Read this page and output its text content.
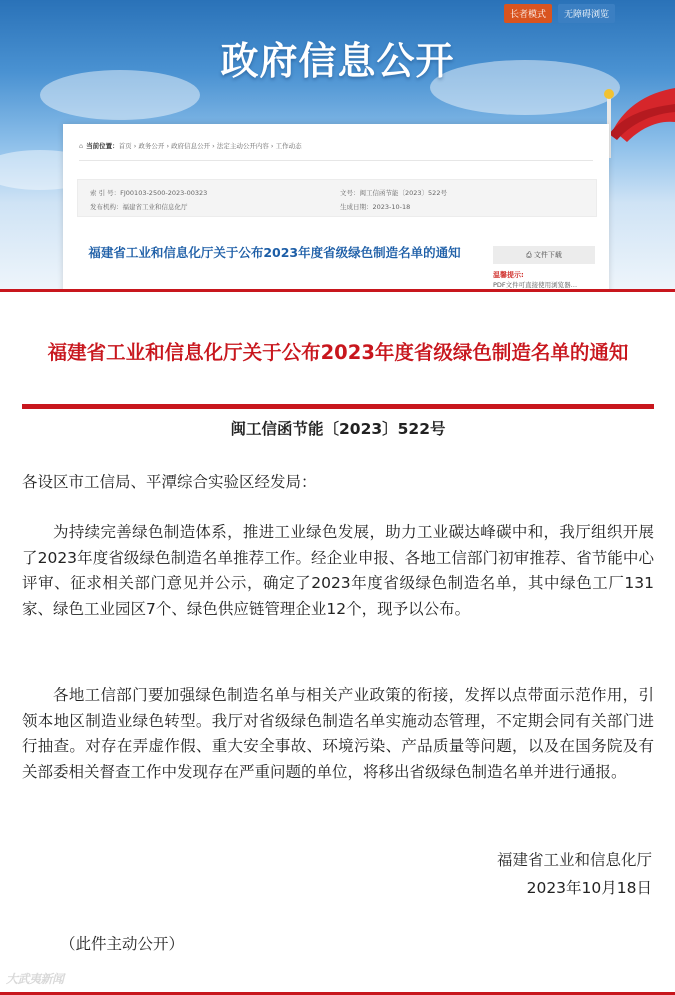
长者模式	无障碍浏览
政府信息公开
⌂ 当前位置：首页 › 政务公开 › 政府信息公开 › 法定主动公开内容 › 工作动态
索 引 号：FJ00103-2500-2023-00323
发布机构：福建省工业和信息化厅
文号：闽工信函节能〔2023〕522号
生成日期：2023-10-18
福建省工业和信息化厅关于公布2023年度省级绿色制造名单的通知	⎙ 文件下载
温馨提示:
PDF文件可直接使用浏览器…
福建省工业和信息化厅关于公布2023年度省级绿色制造名单的通知
闽工信函节能〔2023〕522号
各设区市工信局、平潭综合实验区经发局：
为持续完善绿色制造体系，推进工业绿色发展，助力工业碳达峰碳中和，我厅组织开展了2023年度省级绿色制造名单推荐工作。经企业申报、各地工信部门初审推荐、省节能中心评审、征求相关部门意见并公示，确定了2023年度省级绿色制造名单，其中绿色工厂131家、绿色工业园区7个、绿色供应链管理企业12个，现予以公布。
各地工信部门要加强绿色制造名单与相关产业政策的衔接，发挥以点带面示范作用，引领本地区制造业绿色转型。我厅对省级绿色制造名单实施动态管理，不定期会同有关部门进行抽查。对存在弄虚作假、重大安全事故、环境污染、产品质量等问题，以及在国务院及有关部委相关督查工作中发现存在严重问题的单位，将移出省级绿色制造名单并进行通报。
福建省工业和信息化厅
2023年10月18日
（此件主动公开）
大武夷新闻
